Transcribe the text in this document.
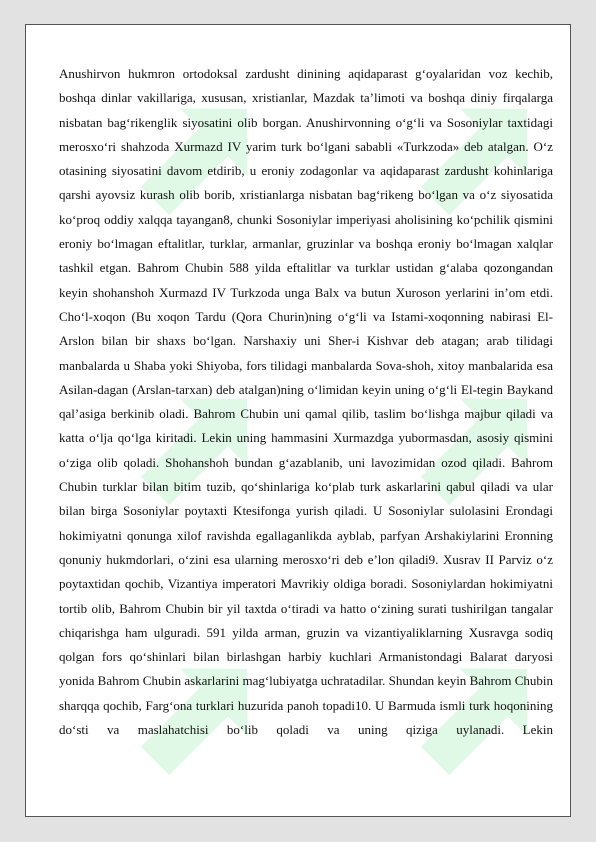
Anushirvon hukmron ortodoksal zardusht dinining aqidaparast g‘oyalaridan voz kechib, boshqa dinlar vakillariga, xususan, xristianlar, Mazdak ta’limoti va boshqa diniy firqalarga nisbatan bag‘rikenglik siyosatini olib borgan. Anushirvonning o‘g‘li va Sosoniylar taxtidagi merosxo‘ri shahzoda Xurmazd IV yarim turk bo‘lgani sababli «Turkzoda» deb atalgan. O‘z otasining siyosatini davom etdirib, u eroniy zodagonlar va aqidaparast zardusht kohinlariga qarshi ayovsiz kurash olib borib, xristianlarga nisbatan bag‘rikeng bo‘lgan va o‘z siyosatida ko‘proq oddiy xalqqa tayangan8, chunki Sosoniylar imperiyasi aholisining ko‘pchilik qismini eroniy bo‘lmagan eftalitlar, turklar, armanlar, gruzinlar va boshqa eroniy bo‘lmagan xalqlar tashkil etgan. Bahrom Chubin 588 yilda eftalitlar va turklar ustidan g‘alaba qozongandan keyin shohanshoh Xurmazd IV Turkzoda unga Balx va butun Xuroson yerlarini in’om etdi. Cho‘l-xoqon (Bu xoqon Tardu (Qora Churin)ning o‘g‘li va Istami-xoqonning nabirasi El-Arslon bilan bir shaxs bo‘lgan. Narshaxiy uni Sher-i Kishvar deb atagan; arab tilidagi manbalarda u Shaba yoki Shiyoba, fors tilidagi manbalarda Sova-shoh, xitoy manbalarida esa Asilan-dagan (Arslan-tarxan) deb atalgan)ning o‘limidan keyin uning o‘g‘li El-tegin Baykand qal’asiga berkinib oladi. Bahrom Chubin uni qamal qilib, taslim bo‘lishga majbur qiladi va katta o‘lja qo‘lga kiritadi. Lekin uning hammasini Xurmazdga yubormasdan, asosiy qismini o‘ziga olib qoladi. Shohanshoh bundan g‘azablanib, uni lavozimidan ozod qiladi. Bahrom Chubin turklar bilan bitim tuzib, qo‘shinlariga ko‘plab turk askarlarini qabul qiladi va ular bilan birga Sosoniylar poytaxti Ktesifonga yurish qiladi. U Sosoniylar sulolasini Erondagi hokimiyatni qonunga xilof ravishda egallaganlikda ayblab, parfyan Arshakiylarini Eronning qonuniy hukmdorlari, o‘zini esa ularning merosxo‘ri deb e’lon qiladi9. Xusrav II Parviz o‘z poytaxtidan qochib, Vizantiya imperatori Mavrikiy oldiga boradi. Sosoniylardan hokimiyatni tortib olib, Bahrom Chubin bir yil taxtda o‘tiradi va hatto o‘zining surati tushirilgan tangalar chiqarishga ham ulguradi. 591 yilda arman, gruzin va vizantiyaliklarning Xusravga sodiq qolgan fors qo‘shinlari bilan birlashgan harbiy kuchlari Armanistondagi Balarat daryosi yonida Bahrom Chubin askarlarini mag‘lubiyatga uchratadilar. Shundan keyin Bahrom Chubin sharqqa qochib, Farg‘ona turklari huzurida panoh topadi10. U Barmuda ismli turk hoqonining do‘sti va maslahatchisi bo‘lib qoladi va uning qiziga uylanadi. Lekin
